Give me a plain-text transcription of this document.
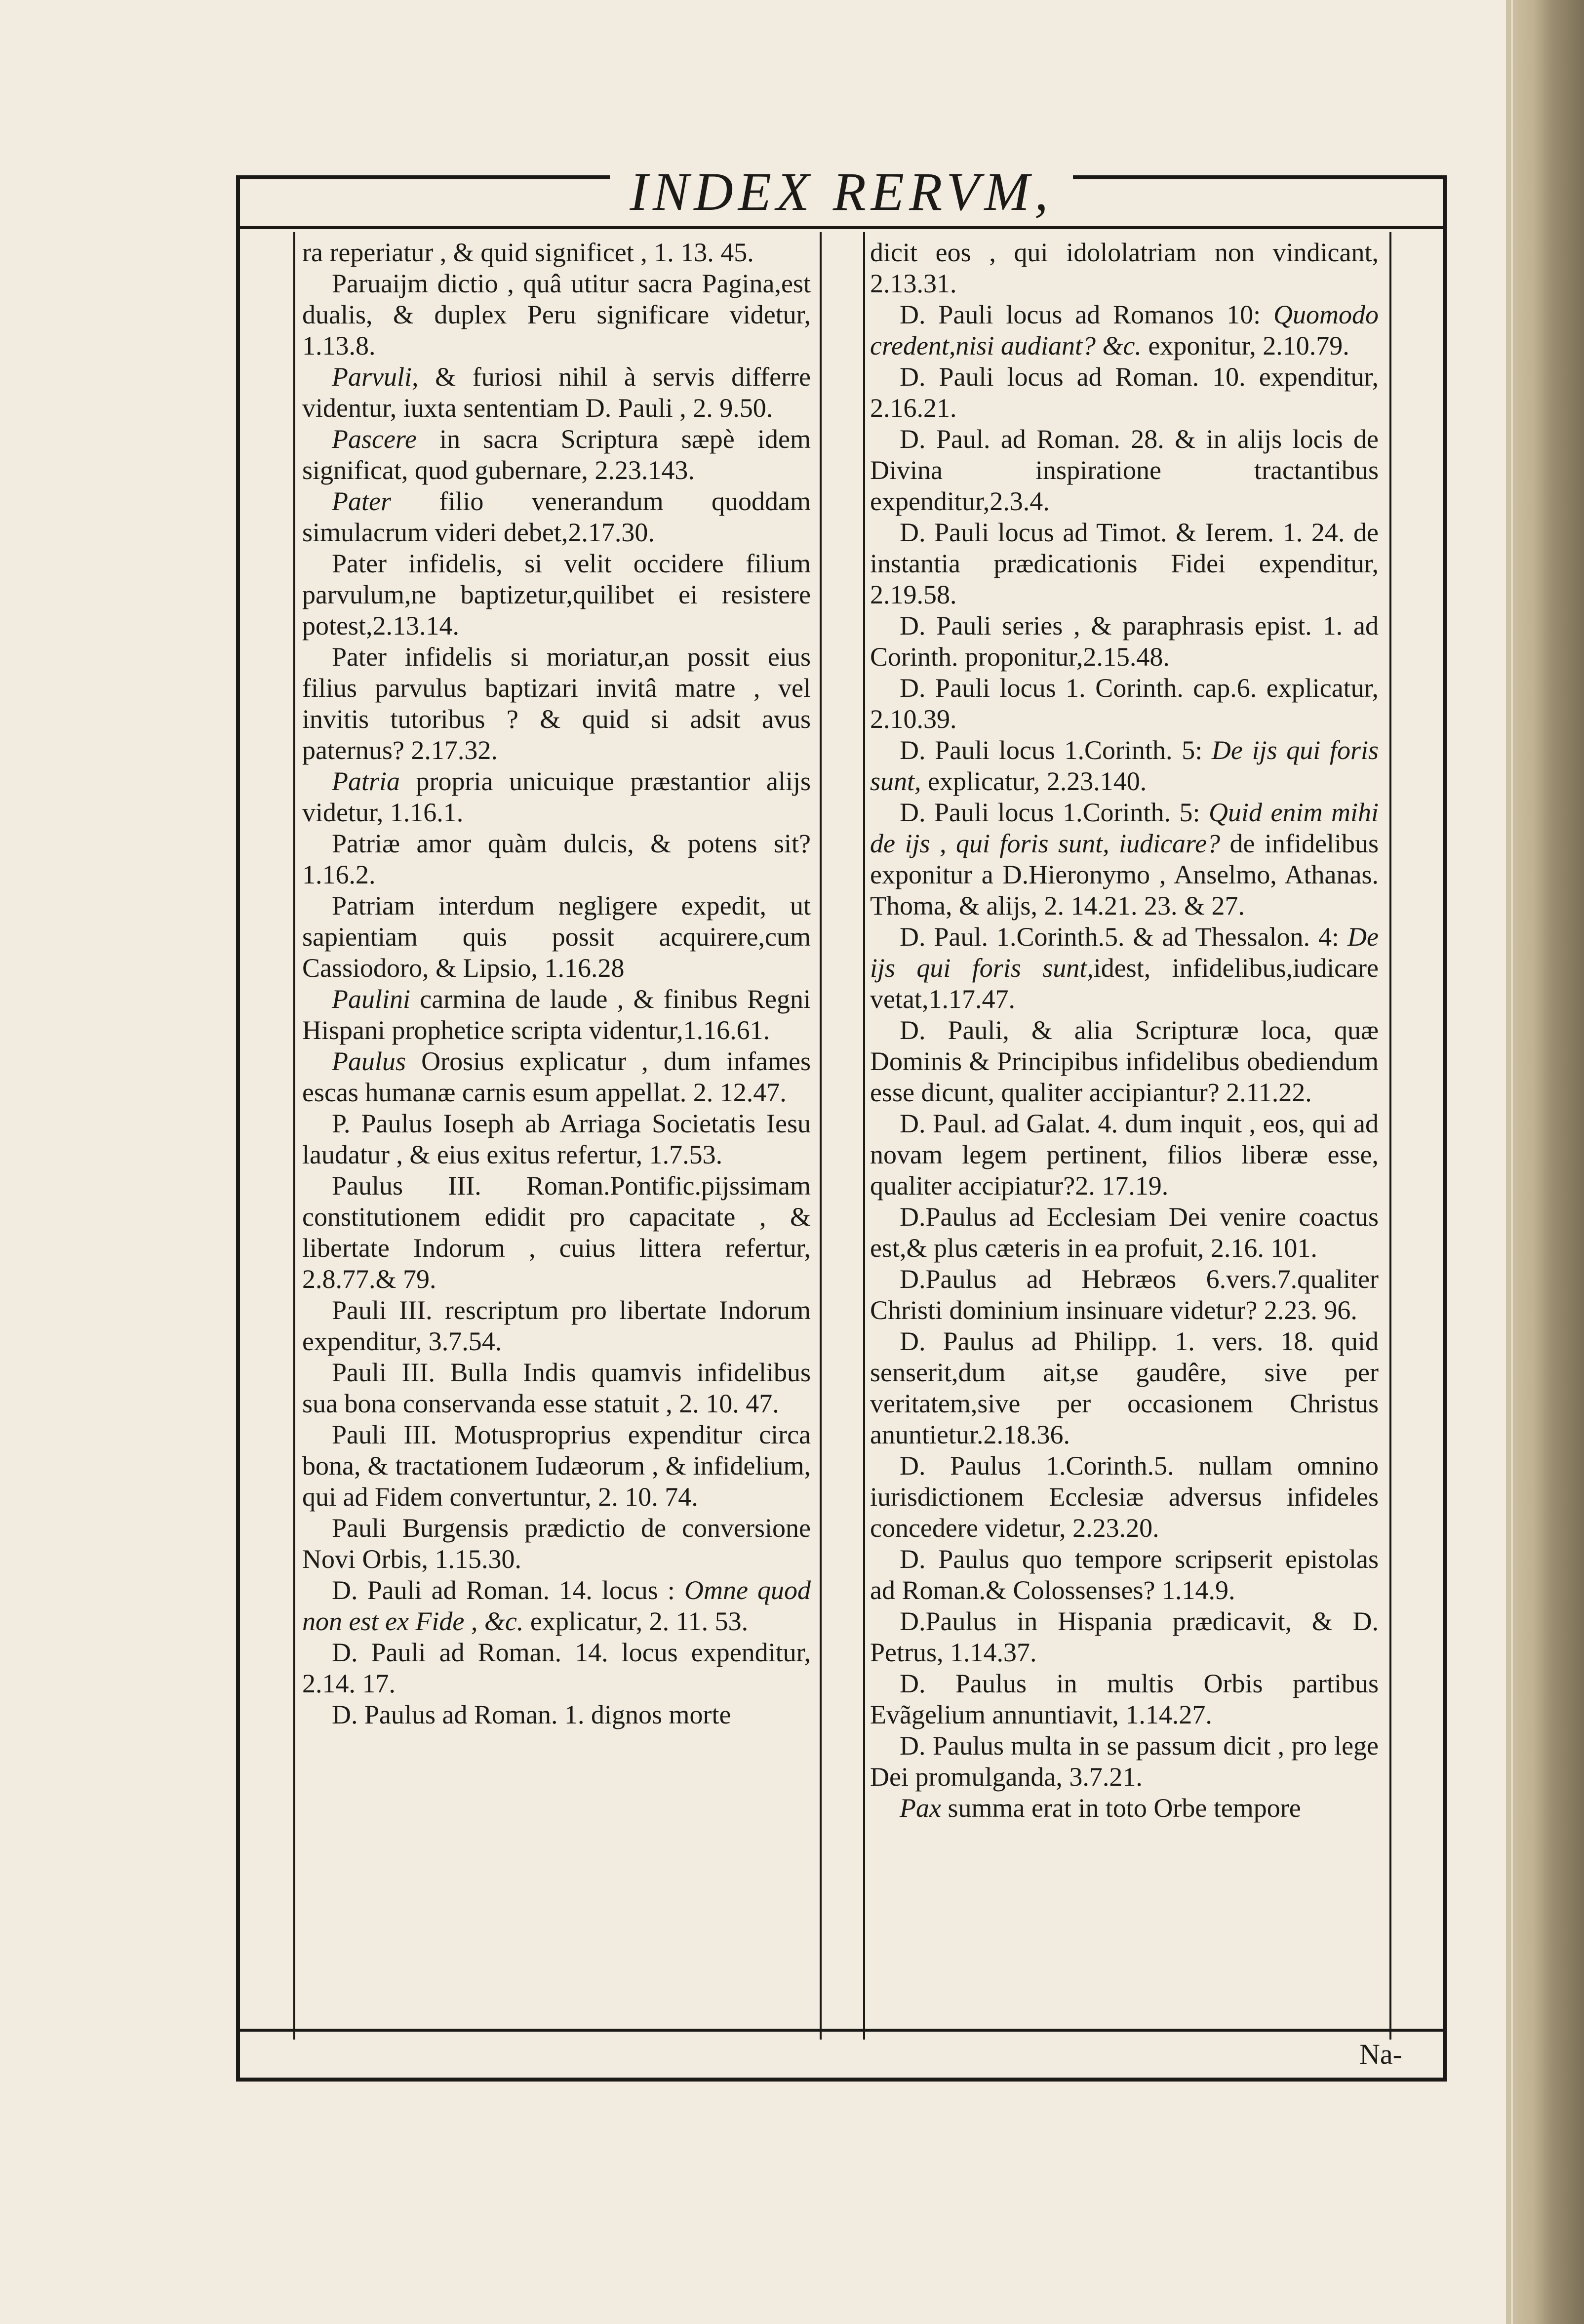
INDEX RERVM,

ra reperiatur , & quid significet , 1. 13. 45.

Paruaijm dictio , quâ utitur sacra Pagina,est dualis, & duplex Peru significare videtur, 1.13.8.

Parvuli, & furiosi nihil à servis differre videntur, iuxta sententiam D. Pauli , 2. 9.50.

Pascere in sacra Scriptura sæpè idem significat, quod gubernare, 2.23.143.

Pater filio venerandum quoddam simulacrum videri debet,2.17.30.

Pater infidelis, si velit occidere filium parvulum,ne baptizetur,quilibet ei resistere potest,2.13.14.

Pater infidelis si moriatur,an possit eius filius parvulus baptizari invitâ matre , vel invitis tutoribus ? & quid si adsit avus paternus? 2.17.32.

Patria propria unicuique præstantior alijs videtur, 1.16.1.

Patriæ amor quàm dulcis, & potens sit? 1.16.2.

Patriam interdum negligere expedit, ut sapientiam quis possit acquirere,cum Cassiodoro, & Lipsio, 1.16.28

Paulini carmina de laude , & finibus Regni Hispani prophetice scripta videntur,1.16.61.

Paulus Orosius explicatur , dum infames escas humanæ carnis esum appellat. 2. 12.47.

P. Paulus Ioseph ab Arriaga Societatis Iesu laudatur , & eius exitus refertur, 1.7.53.

Paulus III. Roman.Pontific.pijssimam constitutionem edidit pro capacitate , & libertate Indorum , cuius littera refertur, 2.8.77.& 79.

Pauli III. rescriptum pro libertate Indorum expenditur, 3.7.54.

Pauli III. Bulla Indis quamvis infidelibus sua bona conservanda esse statuit , 2. 10. 47.

Pauli III. Motusproprius expenditur circa bona, & tractationem Iudæorum , & infidelium, qui ad Fidem convertuntur, 2. 10. 74.

Pauli Burgensis prædictio de conversione Novi Orbis, 1.15.30.

D. Pauli ad Roman. 14. locus : Omne quod non est ex Fide , &c. explicatur, 2. 11. 53.

D. Pauli ad Roman. 14. locus expenditur, 2.14. 17.

D. Paulus ad Roman. 1. dignos morte

dicit eos , qui idololatriam non vindicant, 2.13.31.

D. Pauli locus ad Romanos 10: Quomodo credent,nisi audiant? &c. exponitur, 2.10.79.

D. Pauli locus ad Roman. 10. expenditur, 2.16.21.

D. Paul. ad Roman. 28. & in alijs locis de Divina inspiratione tractantibus expenditur,2.3.4.

D. Pauli locus ad Timot. & Ierem. 1. 24. de instantia prædicationis Fidei expenditur, 2.19.58.

D. Pauli series , & paraphrasis epist. 1. ad Corinth. proponitur,2.15.48.

D. Pauli locus 1. Corinth. cap.6. explicatur, 2.10.39.

D. Pauli locus 1.Corinth. 5: De ijs qui foris sunt, explicatur, 2.23.140.

D. Pauli locus 1.Corinth. 5: Quid enim mihi de ijs , qui foris sunt, iudicare? de infidelibus exponitur a D.Hieronymo , Anselmo, Athanas. Thoma, & alijs, 2. 14.21. 23. & 27.

D. Paul. 1.Corinth.5. & ad Thessalon. 4: De ijs qui foris sunt,idest, infidelibus,iudicare vetat,1.17.47.

D. Pauli, & alia Scripturæ loca, quæ Dominis & Principibus infidelibus obediendum esse dicunt, qualiter accipiantur? 2.11.22.

D. Paul. ad Galat. 4. dum inquit , eos, qui ad novam legem pertinent, filios liberæ esse, qualiter accipiatur?2. 17.19.

D.Paulus ad Ecclesiam Dei venire coactus est,& plus cæteris in ea profuit, 2.16. 101.

D.Paulus ad Hebræos 6.vers.7.qualiter Christi dominium insinuare videtur? 2.23. 96.

D. Paulus ad Philipp. 1. vers. 18. quid senserit,dum ait,se gaudêre, sive per veritatem,sive per occasionem Christus anuntietur.2.18.36.

D. Paulus 1.Corinth.5. nullam omnino iurisdictionem Ecclesiæ adversus infideles concedere videtur, 2.23.20.

D. Paulus quo tempore scripserit epistolas ad Roman.& Colossenses? 1.14.9.

D.Paulus in Hispania prædicavit, & D. Petrus, 1.14.37.

D. Paulus in multis Orbis partibus Evãgelium annuntiavit, 1.14.27.

D. Paulus multa in se passum dicit , pro lege Dei promulganda, 3.7.21.

Pax summa erat in toto Orbe tempore

Na-
